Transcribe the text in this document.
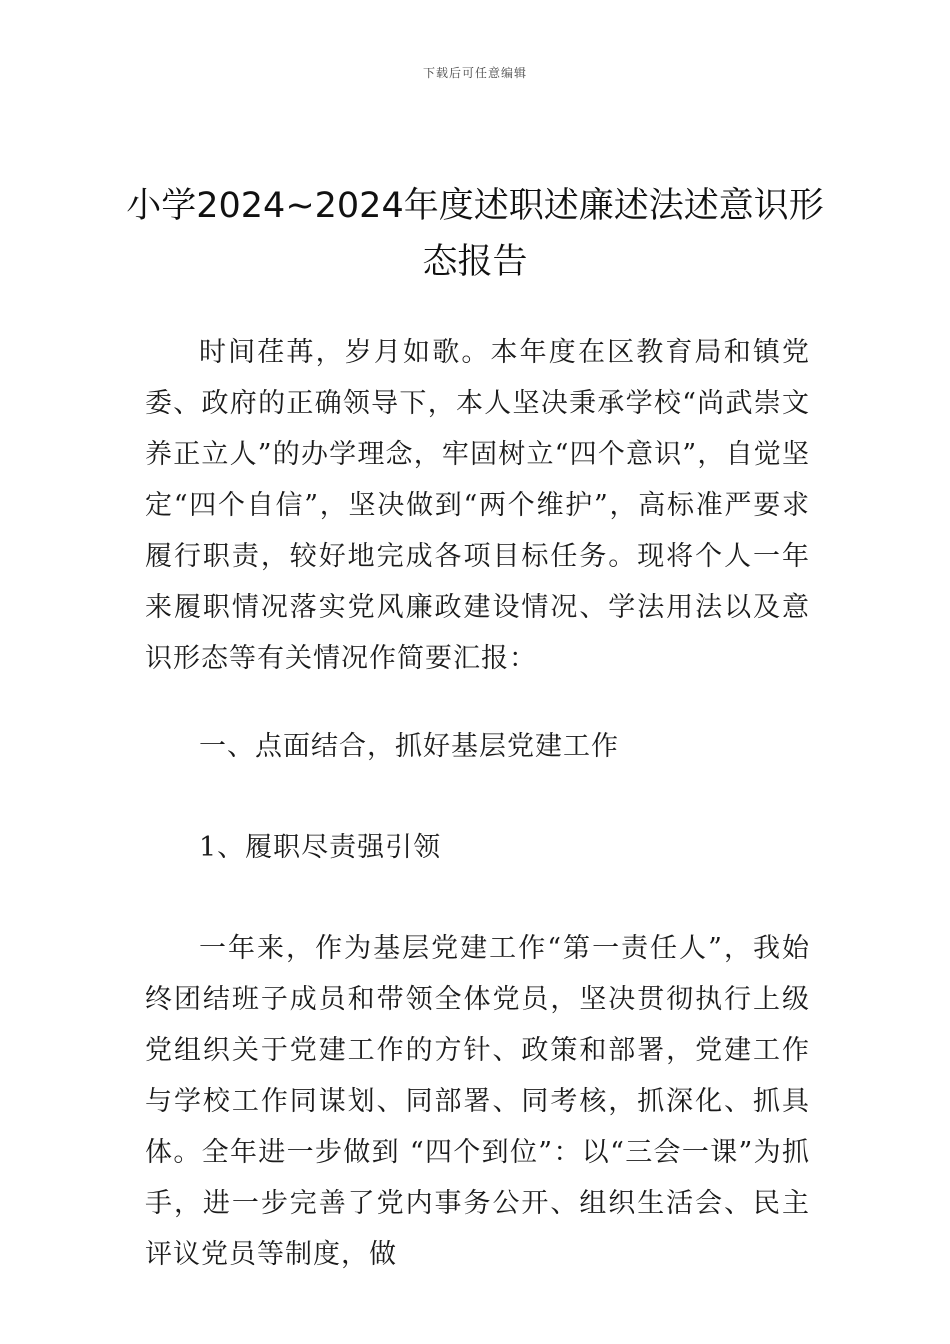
下载后可任意编辑
小学2024~2024年度述职述廉述法述意识形态报告

时间荏苒，岁月如歌。本年度在区教育局和镇党委、政府的正确领导下，本人坚决秉承学校“尚武崇文养正立人”的办学理念，牢固树立“四个意识”，自觉坚定“四个自信”，坚决做到“两个维护”，高标准严要求履行职责，较好地完成各项目标任务。现将个人一年来履职情况落实党风廉政建设情况、学法用法以及意识形态等有关情况作简要汇报：

一、点面结合，抓好基层党建工作

1、履职尽责强引领

一年来，作为基层党建工作“第一责任人”，我始终团结班子成员和带领全体党员，坚决贯彻执行上级党组织关于党建工作的方针、政策和部署，党建工作与学校工作同谋划、同部署、同考核，抓深化、抓具体。全年进一步做到 “四个到位”：以“三会一课”为抓手，进一步完善了党内事务公开、组织生活会、民主评议党员等制度，做
